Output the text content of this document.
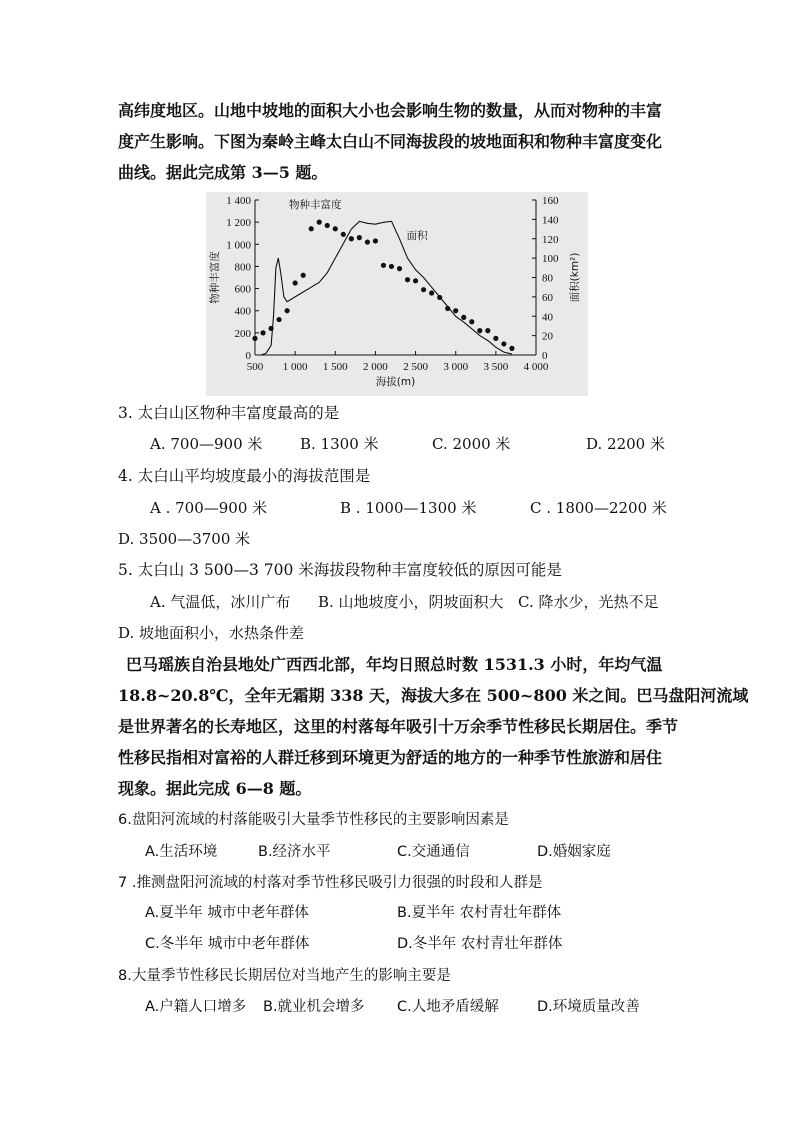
高纬度地区。山地中坡地的面积大小也会影响生物的数量，从而对物种的丰富
度产生影响。下图为秦岭主峰太白山不同海拔段的坡地面积和物种丰富度变化
曲线。据此完成第 3—5 题。
500 1 000 1 500 2 000 2 500 3 000 3 500 4 000
0
200
400
600
800
1 000
1 200
1 400
0
20
40
60
80
100
120
140
160
物种丰富度
面积
海拔(m)
物种丰富度	面积(km²)
3. 太白山区物种丰富度最高的是
A. 700—900 米	B. 1300 米	C. 2000 米	D. 2200 米
4. 太白山平均坡度最小的海拔范围是
A . 700—900 米	B . 1000—1300 米	C . 1800—2200 米
D. 3500—3700 米
5. 太白山 3 500—3 700 米海拔段物种丰富度较低的原因可能是
A. 气温低，冰川广布 B. 山地坡度小，阴坡面积大 C. 降水少，光热不足
D. 坡地面积小，水热条件差
巴马瑶族自治县地处广西西北部，年均日照总时数 1531.3 小时，年均气温
18.8~20.8℃，全年无霜期 338 天，海拔大多在 500~800 米之间。巴马盘阳河流域
是世界著名的长寿地区，这里的村落每年吸引十万余季节性移民长期居住。季节
性移民指相对富裕的人群迁移到环境更为舒适的地方的一种季节性旅游和居住
现象。据此完成 6—8 题。
6.盘阳河流域的村落能吸引大量季节性移民的主要影响因素是
A.生活环境	B.经济水平	C.交通通信	D.婚姻家庭
7 .推测盘阳河流域的村落对季节性移民吸引力很强的时段和人群是
A.夏半年 城市中老年群体	B.夏半年 农村青壮年群体
C.冬半年 城市中老年群体	D.冬半年 农村青壮年群体
8.大量季节性移民长期居位对当地产生的影响主要是
A.户籍人口增多 B.就业机会增多 C.人地矛盾缓解	D.环境质量改善
